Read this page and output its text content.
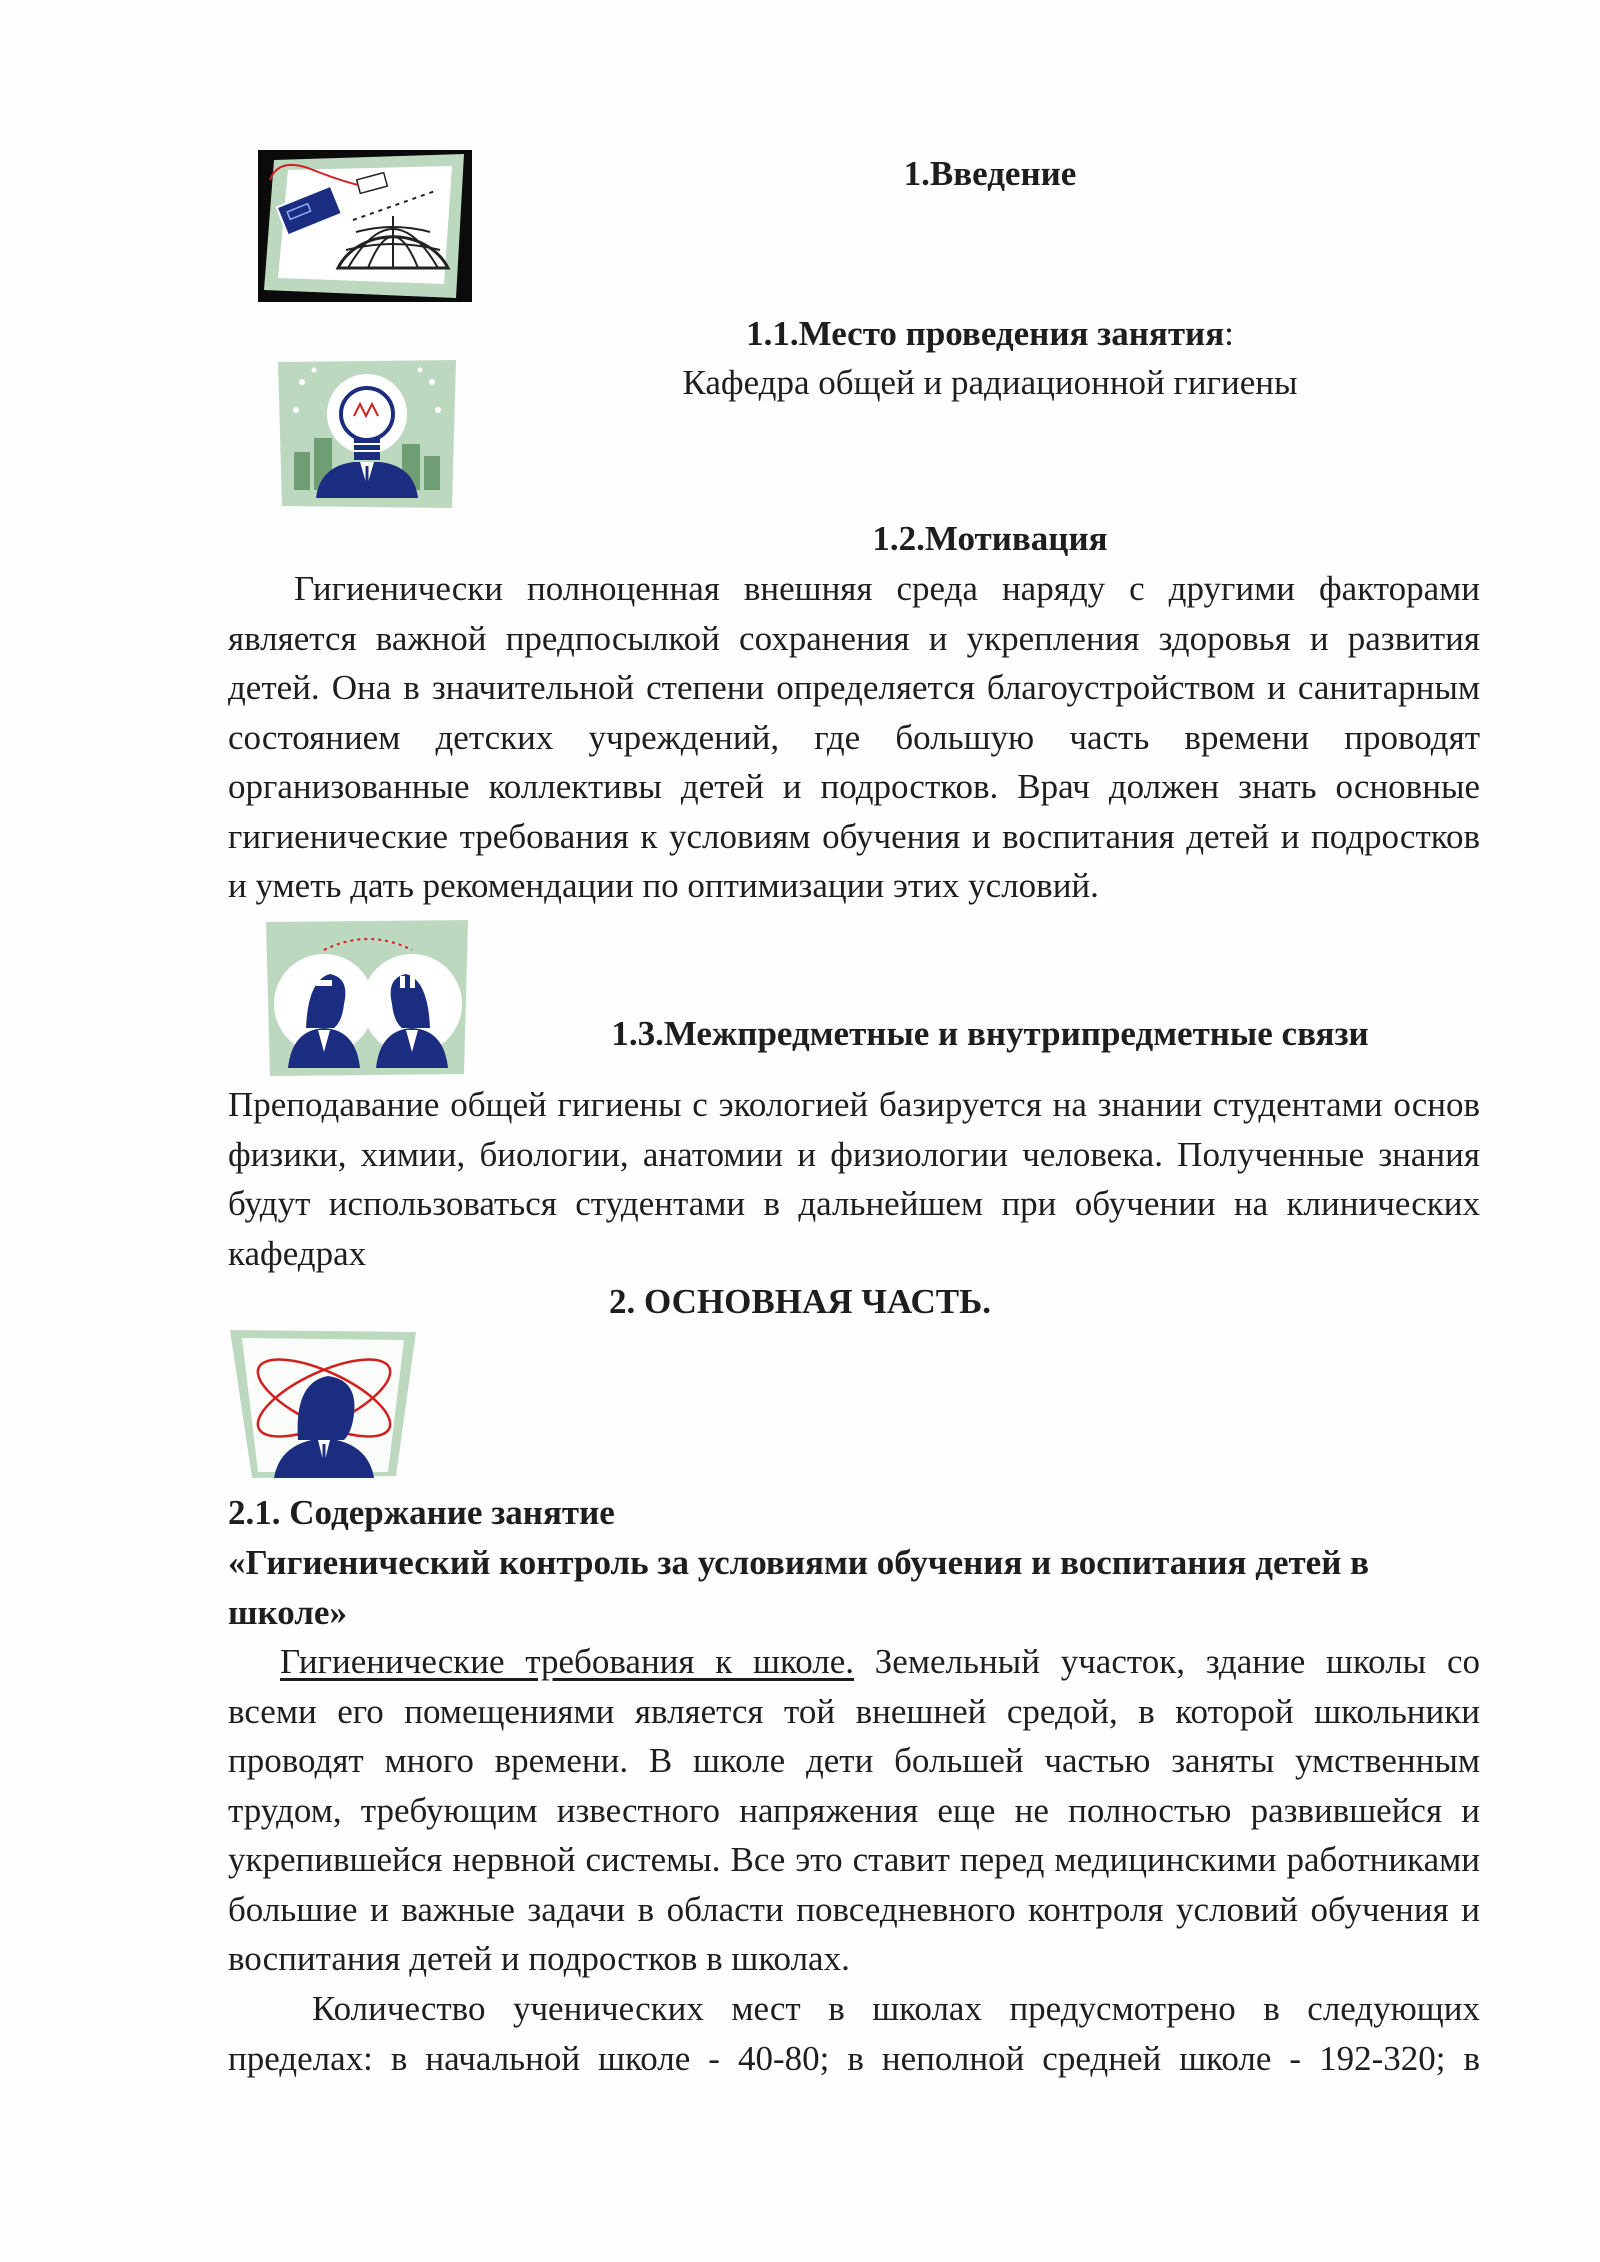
1.Введение
1.1.Место проведения занятия:
Кафедра общей и радиационной гигиены
1.2.Мотивация
Гигиенически полноценная внешняя среда наряду с другими факторами является важной предпосылкой сохранения и укрепления здоровья и развития детей. Она в значительной степени определяется благоустройством и санитарным состоянием детских учреждений, где большую часть времени проводят организованные коллективы детей и подростков. Врач должен знать основные гигиенические требования к условиям обучения и воспитания детей и подростков и уметь дать рекомендации по оптимизации этих условий.
1.3.Межпредметные и внутрипредметные связи
Преподавание общей гигиены с экологией базируется на знании студентами основ физики, химии, биологии, анатомии и физиологии человека. Полученные знания будут использоваться студентами в дальнейшем при обучении на клинических кафедрах
2. ОСНОВНАЯ ЧАСТЬ.
2.1. Содержание занятие
«Гигиенический контроль за условиями обучения и воспитания детей в школе»
Гигиенические требования к школе. Земельный участок, здание школы со всеми его помещениями является той внешней средой, в которой школьники проводят много времени. В школе дети большей частью заняты умственным трудом, требующим известного напряжения еще не полностью развившейся и укрепившейся нервной системы. Все это ставит перед медицинскими работниками большие и важные задачи в области повседневного контроля условий обучения и воспитания детей и подростков в школах.
Количество ученических мест в школах предусмотрено в следующих пределах: в начальной школе - 40-80; в неполной средней школе - 192-320; в
